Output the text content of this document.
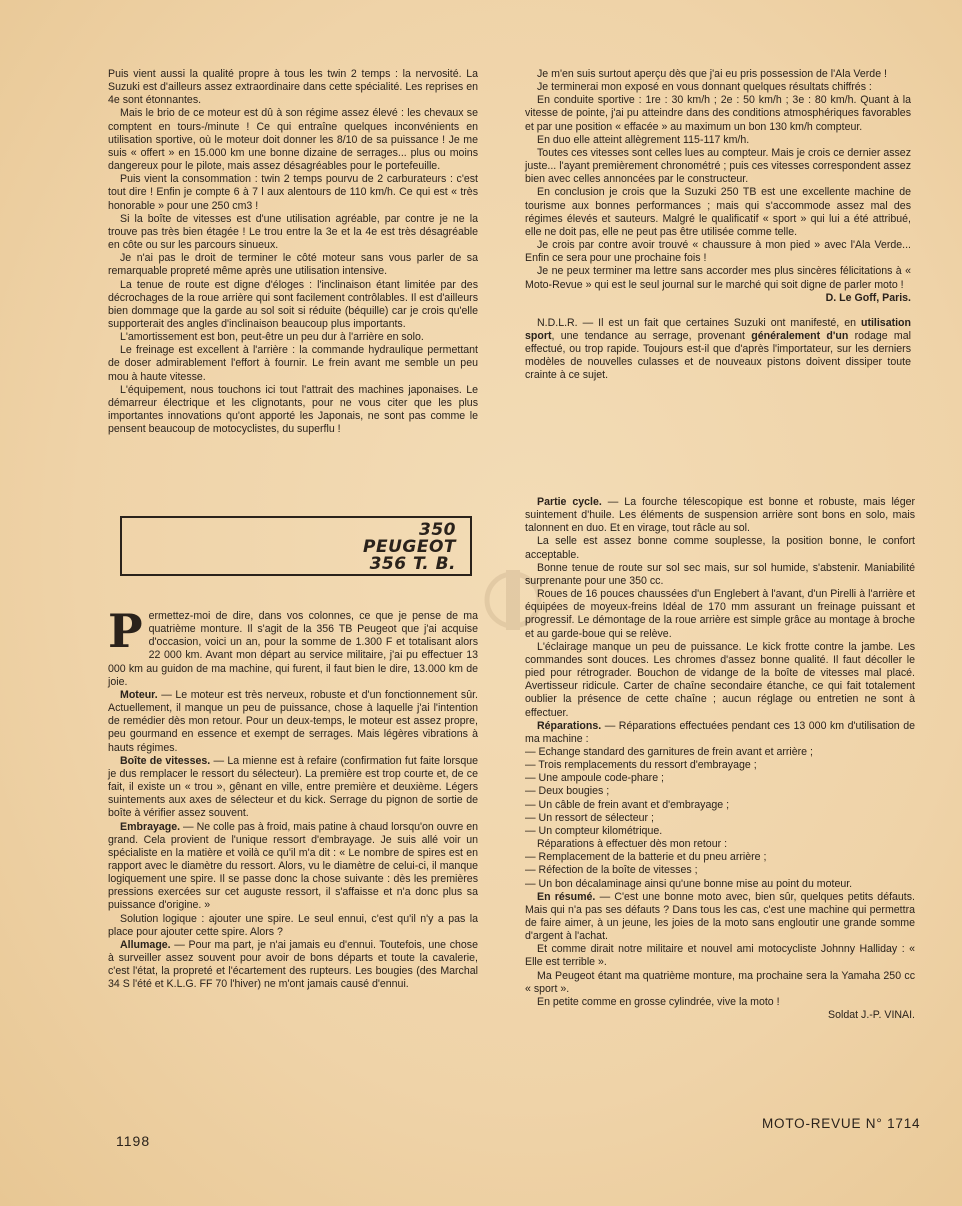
Puis vient aussi la qualité propre à tous les twin 2 temps : la nervosité. La Suzuki est d'ailleurs assez extraordinaire dans cette spécialité. Les reprises en 4e sont étonnantes.

Mais le brio de ce moteur est dû à son régime assez élevé : les chevaux se comptent en tours-/minute ! Ce qui entraîne quelques inconvénients en utilisation sportive, où le moteur doit donner les 8/10 de sa puissance ! Je me suis « offert » en 15.000 km une bonne dizaine de serrages... plus ou moins dangereux pour le pilote, mais assez désagréables pour le portefeuille.

Puis vient la consommation : twin 2 temps pourvu de 2 carburateurs : c'est tout dire ! Enfin je compte 6 à 7 l aux alentours de 110 km/h. Ce qui est « très honorable » pour une 250 cm3 !

Si la boîte de vitesses est d'une utilisation agréable, par contre je ne la trouve pas très bien étagée ! Le trou entre la 3e et la 4e est très désagréable en côte ou sur les parcours sinueux.

Je n'ai pas le droit de terminer le côté moteur sans vous parler de sa remarquable propreté même après une utilisation intensive.

La tenue de route est digne d'éloges : l'inclinaison étant limitée par des décrochages de la roue arrière qui sont facilement contrôlables. Il est d'ailleurs bien dommage que la garde au sol soit si réduite (béquille) car je crois qu'elle supporterait des angles d'inclinaison beaucoup plus importants.

L'amortissement est bon, peut-être un peu dur à l'arrière en solo.

Le freinage est excellent à l'arrière : la commande hydraulique permettant de doser admirablement l'effort à fournir. Le frein avant me semble un peu mou à haute vitesse.

L'équipement, nous touchons ici tout l'attrait des machines japonaises. Le démarreur électrique et les clignotants, pour ne vous citer que les plus importantes innovations qu'ont apporté les Japonais, ne sont pas comme le pensent beaucoup de motocyclistes, du superflu !

Je m'en suis surtout aperçu dès que j'ai eu pris possession de l'Ala Verde !

Je terminerai mon exposé en vous donnant quelques résultats chiffrés :

En conduite sportive : 1re : 30 km/h ; 2e : 50 km/h ; 3e : 80 km/h. Quant à la vitesse de pointe, j'ai pu atteindre dans des conditions atmosphériques favorables et par une position « effacée » au maximum un bon 130 km/h compteur.

En duo elle atteint allègrement 115-117 km/h.

Toutes ces vitesses sont celles lues au compteur. Mais je crois ce dernier assez juste... l'ayant premièrement chronométré ; puis ces vitesses correspondent assez bien avec celles annoncées par le constructeur.

En conclusion je crois que la Suzuki 250 TB est une excellente machine de tourisme aux bonnes performances ; mais qui s'accommode assez mal des régimes élevés et sauteurs. Malgré le qualificatif « sport » qui lui a été attribué, elle ne doit pas, elle ne peut pas être utilisée comme telle.

Je crois par contre avoir trouvé « chaussure à mon pied » avec l'Ala Verde... Enfin ce sera pour une prochaine fois !

Je ne peux terminer ma lettre sans accorder mes plus sincères félicitations à « Moto-Revue » qui est le seul journal sur le marché qui soit digne de parler moto !

D. Le Goff, Paris.

N.D.L.R. — Il est un fait que certaines Suzuki ont manifesté, en utilisation sport, une tendance au serrage, provenant généralement d'un rodage mal effectué, ou trop rapide. Toujours est-il que d'après l'importateur, sur les derniers modèles de nouvelles culasses et de nouveaux pistons doivent dissiper toute crainte à ce sujet.

350
PEUGEOT
356 T. B.

Permettez-moi de dire, dans vos colonnes, ce que je pense de ma quatrième monture. Il s'agit de la 356 TB Peugeot que j'ai acquise d'occasion, voici un an, pour la somme de 1.300 F et totalisant alors 22 000 km. Avant mon départ au service militaire, j'ai pu effectuer 13 000 km au guidon de ma machine, qui furent, il faut bien le dire, 13.000 km de joie.

Moteur. — Le moteur est très nerveux, robuste et d'un fonctionnement sûr. Actuellement, il manque un peu de puissance, chose à laquelle j'ai l'intention de remédier dès mon retour. Pour un deux-temps, le moteur est assez propre, peu gourmand en essence et exempt de serrages. Mais légères vibrations à hauts régimes.

Boîte de vitesses. — La mienne est à refaire (confirmation fut faite lorsque je dus remplacer le ressort du sélecteur). La première est trop courte et, de ce fait, il existe un « trou », gênant en ville, entre première et deuxième. Légers suintements aux axes de sélecteur et du kick. Serrage du pignon de sortie de boîte à vérifier assez souvent.

Embrayage. — Ne colle pas à froid, mais patine à chaud lorsqu'on ouvre en grand. Cela provient de l'unique ressort d'embrayage. Je suis allé voir un spécialiste en la matière et voilà ce qu'il m'a dit : « Le nombre de spires est en rapport avec le diamètre du ressort. Alors, vu le diamètre de celui-ci, il manque logiquement une spire. Il se passe donc la chose suivante : dès les premières pressions exercées sur cet auguste ressort, il s'affaisse et n'a donc plus sa puissance d'origine. »

Solution logique : ajouter une spire. Le seul ennui, c'est qu'il n'y a pas la place pour ajouter cette spire. Alors ?

Allumage. — Pour ma part, je n'ai jamais eu d'ennui. Toutefois, une chose à surveiller assez souvent pour avoir de bons départs et toute la cavalerie, c'est l'état, la propreté et l'écartement des rupteurs. Les bougies (des Marchal 34 S l'été et K.L.G. FF 70 l'hiver) ne m'ont jamais causé d'ennui.

Partie cycle. — La fourche télescopique est bonne et robuste, mais léger suintement d'huile. Les éléments de suspension arrière sont bons en solo, mais talonnent en duo. Et en virage, tout râcle au sol.

La selle est assez bonne comme souplesse, la position bonne, le confort acceptable.

Bonne tenue de route sur sol sec mais, sur sol humide, s'abstenir. Maniabilité surprenante pour une 350 cc.

Roues de 16 pouces chaussées d'un Englebert à l'avant, d'un Pirelli à l'arrière et équipées de moyeux-freins Idéal de 170 mm assurant un freinage puissant et progressif. Le démontage de la roue arrière est simple grâce au montage à broche et au garde-boue qui se relève.

L'éclairage manque un peu de puissance. Le kick frotte contre la jambe. Les commandes sont douces. Les chromes d'assez bonne qualité. Il faut décoller le pied pour rétrograder. Bouchon de vidange de la boîte de vitesses mal placé. Avertisseur ridicule. Carter de chaîne secondaire étanche, ce qui fait totalement oublier la présence de cette chaîne ; aucun réglage ou entretien ne sont à effectuer.

Réparations. — Réparations effectuées pendant ces 13 000 km d'utilisation de ma machine :

— Echange standard des garnitures de frein avant et arrière ;

— Trois remplacements du ressort d'embrayage ;

— Une ampoule code-phare ;

— Deux bougies ;

— Un câble de frein avant et d'embrayage ;

— Un ressort de sélecteur ;

— Un compteur kilométrique.

Réparations à effectuer dès mon retour :

— Remplacement de la batterie et du pneu arrière ;

— Réfection de la boîte de vitesses ;

— Un bon décalaminage ainsi qu'une bonne mise au point du moteur.

En résumé. — C'est une bonne moto avec, bien sûr, quelques petits défauts. Mais qui n'a pas ses défauts ? Dans tous les cas, c'est une machine qui permettra de faire aimer, à un jeune, les joies de la moto sans engloutir une grande somme d'argent à l'achat.

Et comme dirait notre militaire et nouvel ami motocycliste Johnny Halliday : « Elle est terrible ».

Ma Peugeot étant ma quatrième monture, ma prochaine sera la Yamaha 250 cc « sport ».

En petite comme en grosse cylindrée, vive la moto !

Soldat J.-P. VINAI.

1198
MOTO-REVUE N° 1714
